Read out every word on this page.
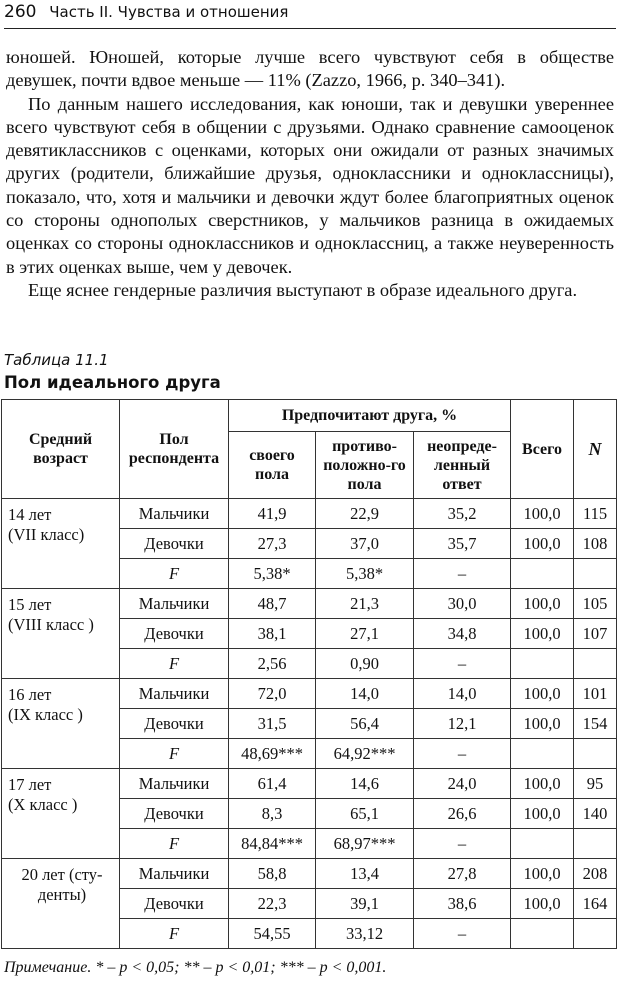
260 Часть II. Чувства и отношения

юношей. Юношей, которые лучше всего чувствуют себя в обществе девушек, почти вдвое меньше — 11% (Zazzo, 1966, p. 340–341).

По данным нашего исследования, как юноши, так и девушки увереннее всего чувствуют себя в общении с друзьями. Однако сравнение самооценок девятиклассников с оценками, которых они ожидали от разных значимых других (родители, ближайшие друзья, одноклассники и одноклассницы), показало, что, хотя и мальчики и девочки ждут более благоприятных оценок со стороны однополых сверстников, у мальчиков разница в ожидаемых оценках со стороны одноклассников и одноклассниц, а также неуверенность в этих оценках выше, чем у девочек.

Еще яснее гендерные различия выступают в образе идеального друга.

Таблица 11.1
Пол идеального друга
Средний возраст	Пол респондента	Предпочитают друга, %			Всего	N
		своего пола	противо-положно-го пола	неопреде-ленный ответ		
14 лет
(VII класс)	Мальчики	41,9	22,9	35,2	100,0	115
	Девочки	27,3	37,0	35,7	100,0	108
	F	5,38*	5,38*	–		
15 лет
(VIII класс )	Мальчики	48,7	21,3	30,0	100,0	105
	Девочки	38,1	27,1	34,8	100,0	107
	F	2,56	0,90	–		
16 лет
(IX класс )	Мальчики	72,0	14,0	14,0	100,0	101
	Девочки	31,5	56,4	12,1	100,0	154
	F	48,69***	64,92***	–		
17 лет
(X класс )	Мальчики	61,4	14,6	24,0	100,0	95
	Девочки	8,3	65,1	26,6	100,0	140
	F	84,84***	68,97***	–		
20 лет (сту-
денты)	Мальчики	58,8	13,4	27,8	100,0	208
	Девочки	22,3	39,1	38,6	100,0	164
	F	54,55	33,12	–		
Примечание. * – p < 0,05; ** – p < 0,01; *** – p < 0,001.
